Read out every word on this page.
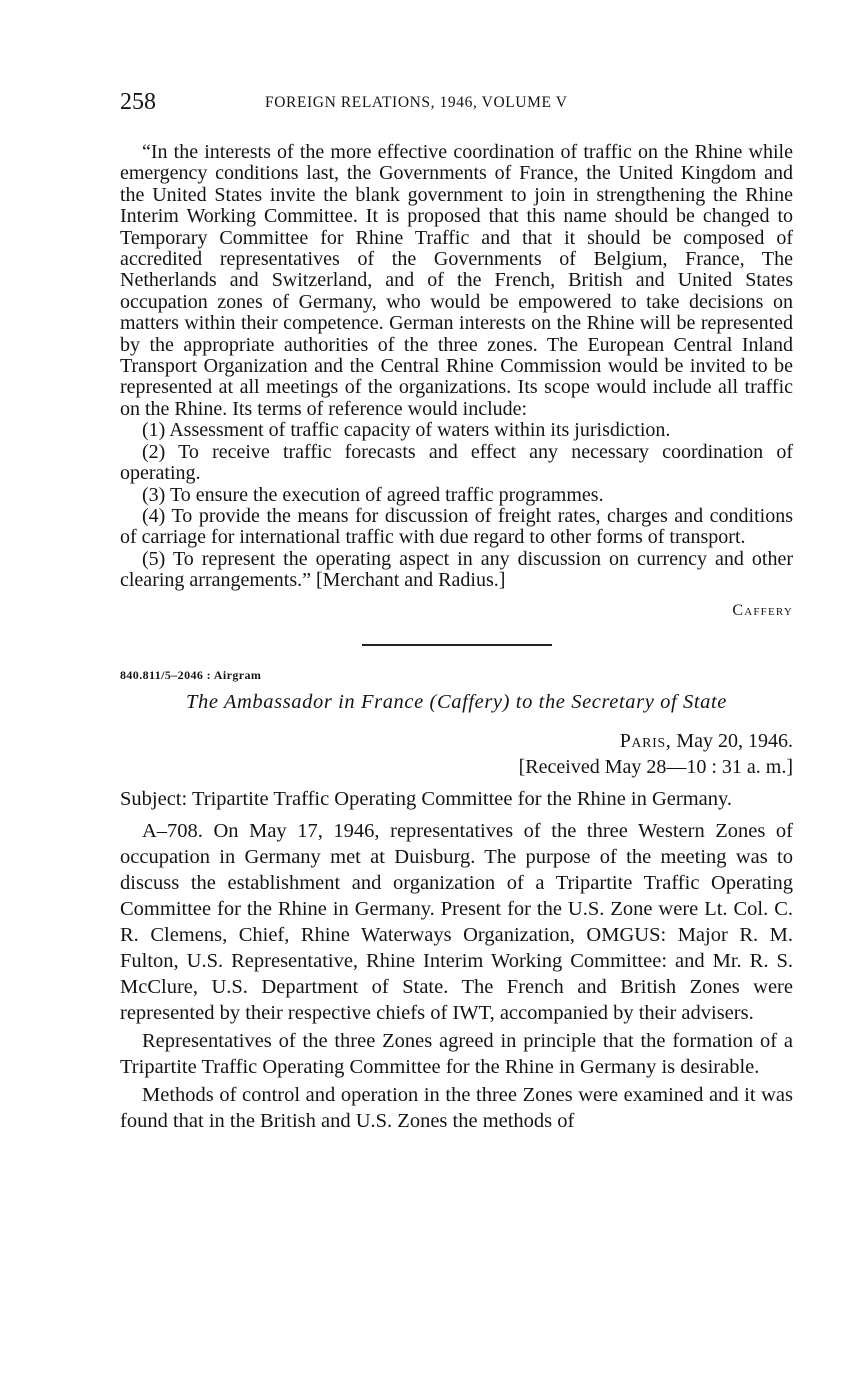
258	FOREIGN RELATIONS, 1946, VOLUME V

“In the interests of the more effective coordination of traffic on the Rhine while emergency conditions last, the Governments of France, the United Kingdom and the United States invite the blank government to join in strengthening the Rhine Interim Working Committee. It is proposed that this name should be changed to Temporary Committee for Rhine Traffic and that it should be composed of accredited representatives of the Governments of Belgium, France, The Netherlands and Switzerland, and of the French, British and United States occupation zones of Germany, who would be empowered to take decisions on matters within their competence. German interests on the Rhine will be represented by the appropriate authorities of the three zones. The European Central Inland Transport Organization and the Central Rhine Commission would be invited to be represented at all meetings of the organizations. Its scope would include all traffic on the Rhine. Its terms of reference would include:

(1) Assessment of traffic capacity of waters within its jurisdiction.

(2) To receive traffic forecasts and effect any necessary coordination of operating.

(3) To ensure the execution of agreed traffic programmes.

(4) To provide the means for discussion of freight rates, charges and conditions of carriage for international traffic with due regard to other forms of transport.

(5) To represent the operating aspect in any discussion on currency and other clearing arrangements.” [Merchant and Radius.]

Caffery
840.811/5–2046 : Airgram
The Ambassador in France (Caffery) to the Secretary of State
Paris, May 20, 1946.
[Received May 28—10 : 31 a. m.]

Subject: Tripartite Traffic Operating Committee for the Rhine in Germany.

A–708. On May 17, 1946, representatives of the three Western Zones of occupation in Germany met at Duisburg. The purpose of the meeting was to discuss the establishment and organization of a Tripartite Traffic Operating Committee for the Rhine in Germany. Present for the U.S. Zone were Lt. Col. C. R. Clemens, Chief, Rhine Waterways Organization, OMGUS: Major R. M. Fulton, U.S. Representative, Rhine Interim Working Committee: and Mr. R. S. McClure, U.S. Department of State. The French and British Zones were represented by their respective chiefs of IWT, accompanied by their advisers.

Representatives of the three Zones agreed in principle that the formation of a Tripartite Traffic Operating Committee for the Rhine in Germany is desirable.

Methods of control and operation in the three Zones were examined and it was found that in the British and U.S. Zones the methods of
